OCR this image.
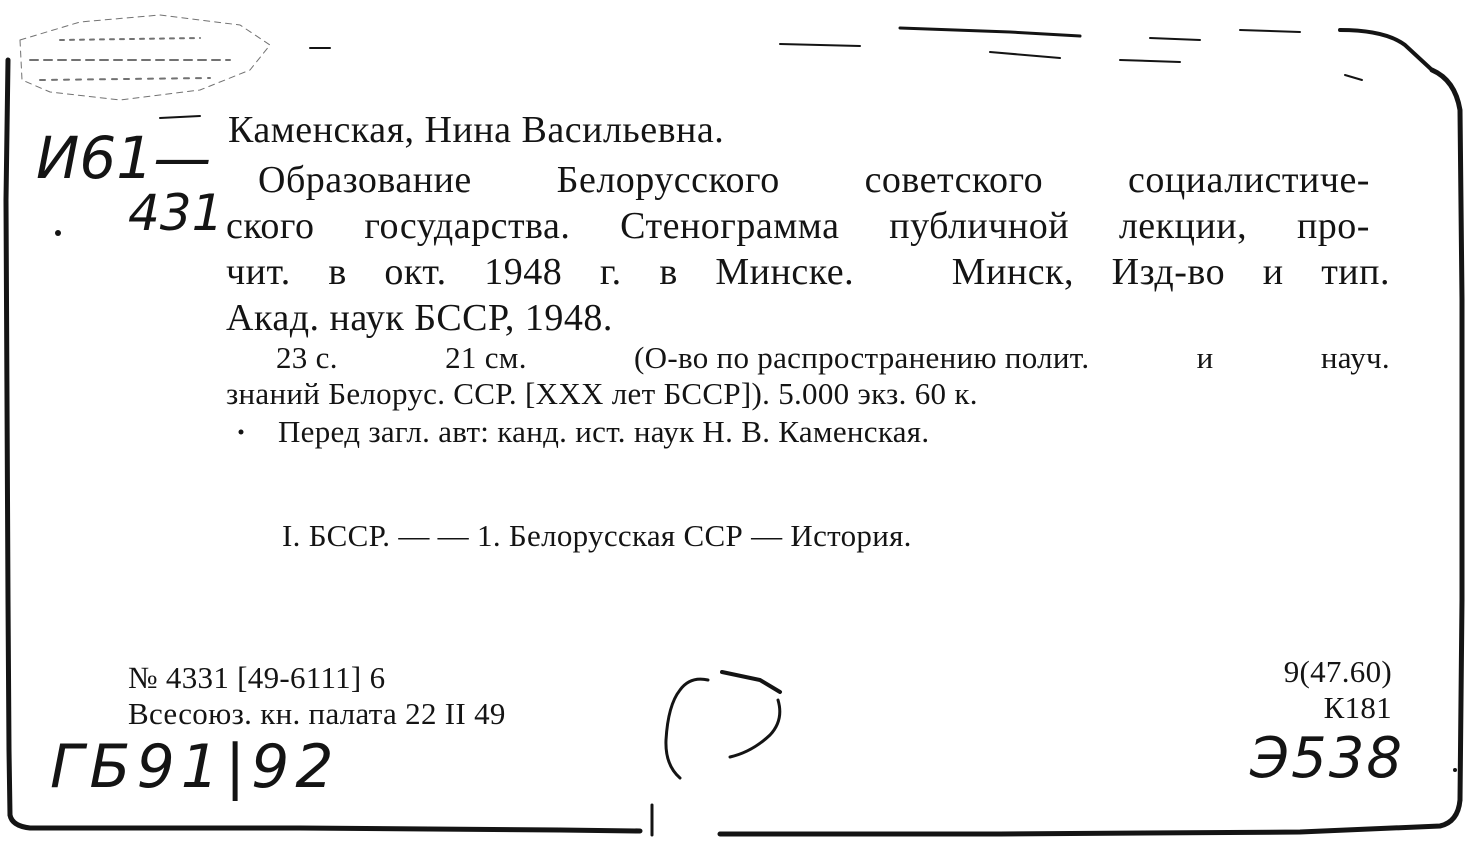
Каменская, Нина Васильевна.
Образование Белорусского советского социалистиче-
ского государства. Стенограмма публичной лекции, про-
чит. в окт. 1948 г. в Минске.	Минск, Изд-во и тип.
Акад. наук БССР, 1948.
23 с.	21 см.	(О-во по распространению полит.	и	науч.
знаний Белорус. ССР. [XXX лет БССР]). 5.000 экз. 60 к.
Перед загл. авт: канд. ист. наук Н. В. Каменская.
I. БССР. — — 1. Белорусская ССР — История.
№ 4331 [49-6111] 6
Всесоюз. кн. палата 22 II 49
9(47.60)
К181
И61—
431
ГБ91|92	Э538
